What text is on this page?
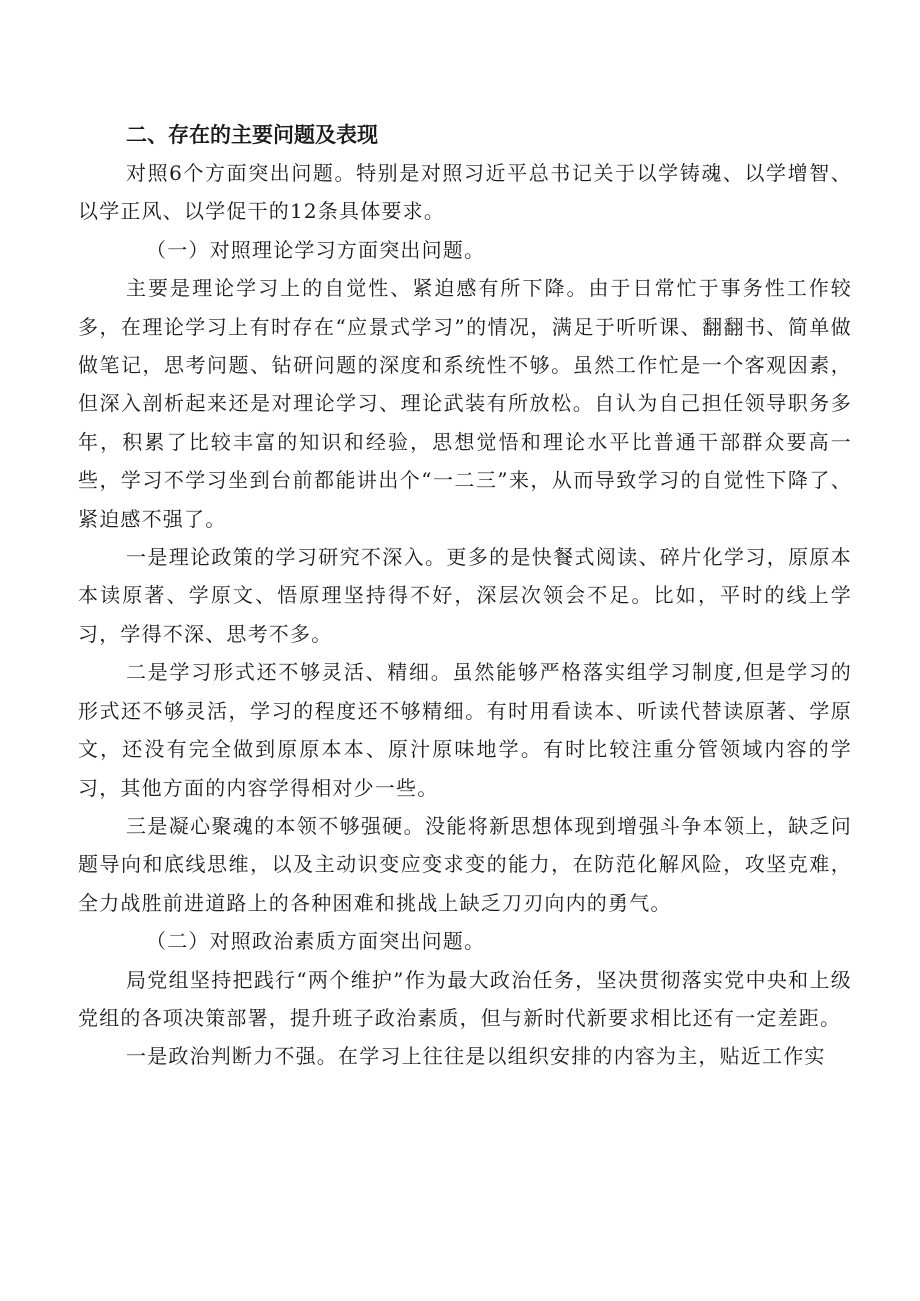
二、存在的主要问题及表现

对照6个方面突出问题。特别是对照习近平总书记关于以学铸魂、以学增智、以学正风、以学促干的12条具体要求。

（一）对照理论学习方面突出问题。

主要是理论学习上的自觉性、紧迫感有所下降。由于日常忙于事务性工作较多，在理论学习上有时存在“应景式学习”的情况，满足于听听课、翻翻书、简单做做笔记，思考问题、钻研问题的深度和系统性不够。虽然工作忙是一个客观因素，但深入剖析起来还是对理论学习、理论武装有所放松。自认为自己担任领导职务多年，积累了比较丰富的知识和经验，思想觉悟和理论水平比普通干部群众要高一些，学习不学习坐到台前都能讲出个“一二三”来，从而导致学习的自觉性下降了、紧迫感不强了。

一是理论政策的学习研究不深入。更多的是快餐式阅读、碎片化学习，原原本本读原著、学原文、悟原理坚持得不好，深层次领会不足。比如，平时的线上学习，学得不深、思考不多。

二是学习形式还不够灵活、精细。虽然能够严格落实组学习制度,但是学习的形式还不够灵活，学习的程度还不够精细。有时用看读本、听读代替读原著、学原文，还没有完全做到原原本本、原汁原味地学。有时比较注重分管领域内容的学习，其他方面的内容学得相对少一些。

三是凝心聚魂的本领不够强硬。没能将新思想体现到增强斗争本领上，缺乏问题导向和底线思维，以及主动识变应变求变的能力，在防范化解风险，攻坚克难，全力战胜前进道路上的各种困难和挑战上缺乏刀刃向内的勇气。

（二）对照政治素质方面突出问题。

局党组坚持把践行“两个维护”作为最大政治任务，坚决贯彻落实党中央和上级党组的各项决策部署，提升班子政治素质，但与新时代新要求相比还有一定差距。

一是政治判断力不强。在学习上往往是以组织安排的内容为主，贴近工作实
